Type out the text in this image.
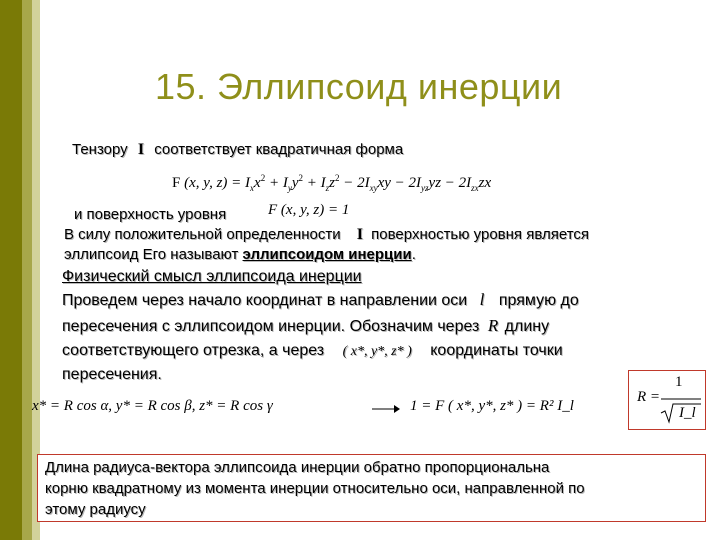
15. Эллипсоид инерции
Тензору I соответствует квадратичная форма
F (x, y, $z) = I_xx^2 + I_yy^2 + I_zz^2 - 2I_{xy}xy - 2I_{yz}yz - 2I_{zx}zx$
и поверхность уровня	F (x, y, z) = 1
В силу положительной определенности I поверхностью уровня является
эллипсоид Его называют эллипсоидом инерции.
Физический смысл эллипсоида инерции
Проведем через начало координат в направлении оси l прямую до
пересечения с эллипсоидом инерции. Обозначим через R длину
соответствующего отрезка, а через ( x*, y*, z* ) координаты точки
пересечения.
x* = R cos α, y* = R cos β, z* = R cos γ	1 = F ( x*, y*, z* ) = R² I_l
R =
1
I_l
Длина радиуса-вектора эллипсоида инерции обратно пропорциональна
корню квадратному из момента инерции относительно оси, направленной по
этому радиусу
